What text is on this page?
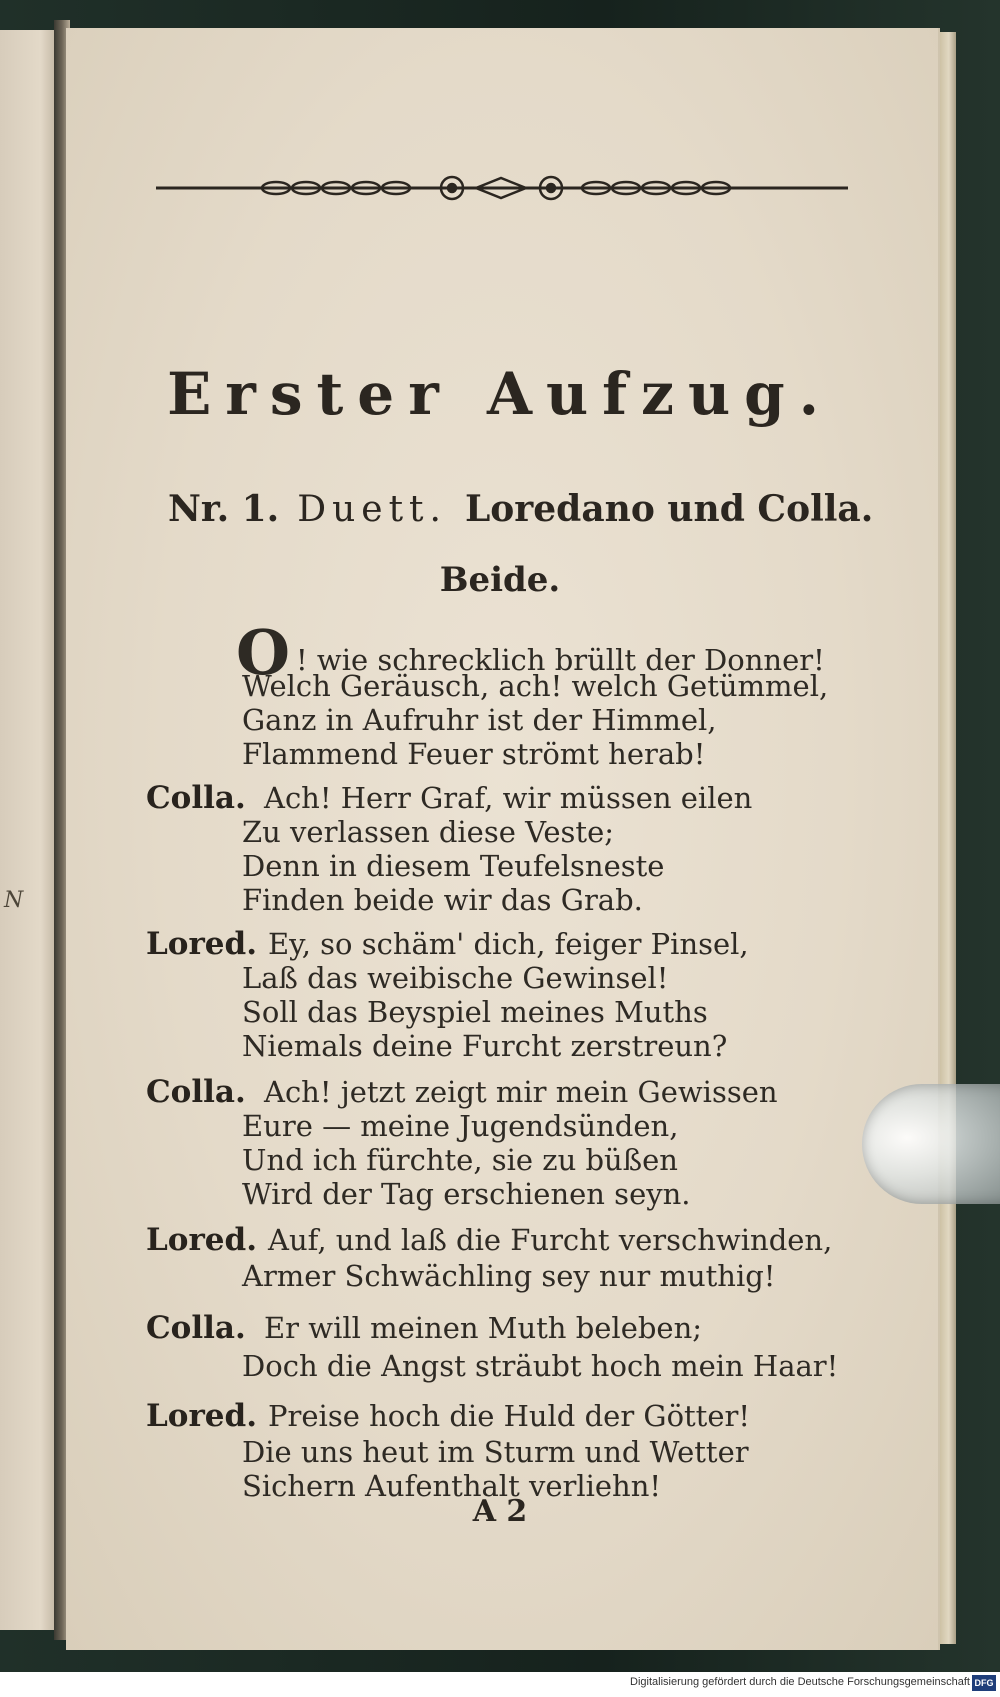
N
Erster Aufzug.
Nr. 1. Duett. Loredano und Colla.
Beide.
O ! wie schrecklich brüllt der Donner!
Welch Geräusch, ach! welch Getümmel,
Ganz in Aufruhr ist der Himmel,
Flammend Feuer strömt herab!
Colla. Ach! Herr Graf, wir müssen eilen
Zu verlassen diese Veste;
Denn in diesem Teufelsneste
Finden beide wir das Grab.
Lored. Ey, so schäm' dich, feiger Pinsel,
Laß das weibische Gewinsel!
Soll das Beyspiel meines Muths
Niemals deine Furcht zerstreun?
Colla. Ach! jetzt zeigt mir mein Gewissen
Eure — meine Jugendsünden,
Und ich fürchte, sie zu büßen
Wird der Tag erschienen seyn.
Lored. Auf, und laß die Furcht verschwinden,
Armer Schwächling sey nur muthig!
Colla. Er will meinen Muth beleben;
Doch die Angst sträubt hoch mein Haar!
Lored. Preise hoch die Huld der Götter!
Die uns heut im Sturm und Wetter
Sichern Aufenthalt verliehn!
A 2
Digitalisierung gefördert durch die Deutsche Forschungsgemeinschaft DFG
